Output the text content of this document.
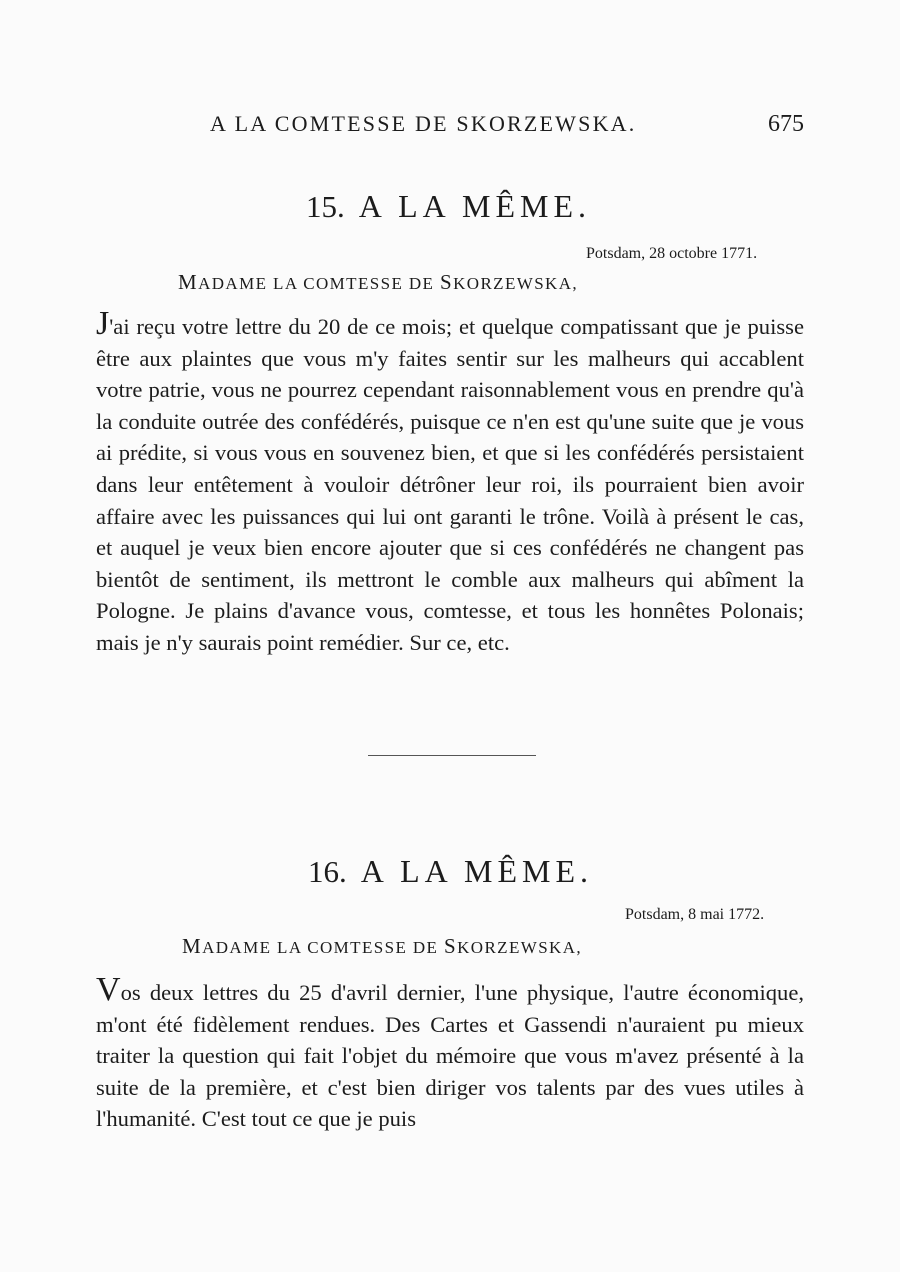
A LA COMTESSE DE SKORZEWSKA.	675
15. A LA MÊME.
Potsdam, 28 octobre 1771.
MADAME LA COMTESSE DE SKORZEWSKA,

J'ai reçu votre lettre du 20 de ce mois; et quelque compatissant que je puisse être aux plaintes que vous m'y faites sentir sur les malheurs qui accablent votre patrie, vous ne pourrez cependant raisonnablement vous en prendre qu'à la conduite outrée des confédérés, puisque ce n'en est qu'une suite que je vous ai prédite, si vous vous en souvenez bien, et que si les confédérés persistaient dans leur entêtement à vouloir détrôner leur roi, ils pourraient bien avoir affaire avec les puissances qui lui ont garanti le trône. Voilà à présent le cas, et auquel je veux bien encore ajouter que si ces confédérés ne changent pas bientôt de sentiment, ils mettront le comble aux malheurs qui abîment la Pologne. Je plains d'avance vous, comtesse, et tous les honnêtes Polonais; mais je n'y saurais point remédier. Sur ce, etc.

16. A LA MÊME.
Potsdam, 8 mai 1772.
MADAME LA COMTESSE DE SKORZEWSKA,

Vos deux lettres du 25 d'avril dernier, l'une physique, l'autre économique, m'ont été fidèlement rendues. Des Cartes et Gassendi n'auraient pu mieux traiter la question qui fait l'objet du mémoire que vous m'avez présenté à la suite de la première, et c'est bien diriger vos talents par des vues utiles à l'humanité. C'est tout ce que je puis
